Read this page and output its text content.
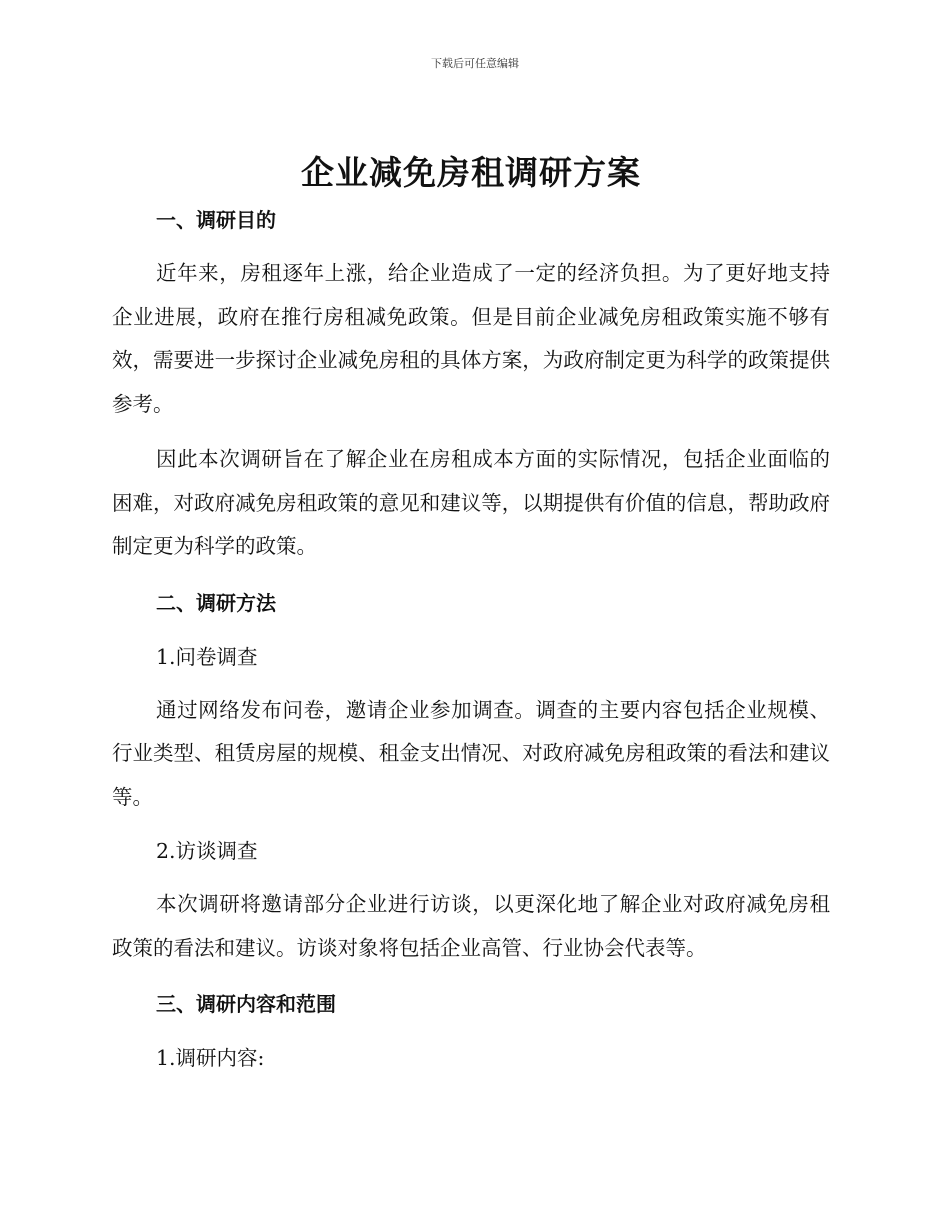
下载后可任意编辑
企业减免房租调研方案
一、调研目的

近年来，房租逐年上涨，给企业造成了一定的经济负担。为了更好地支持企业进展，政府在推行房租减免政策。但是目前企业减免房租政策实施不够有效，需要进一步探讨企业减免房租的具体方案，为政府制定更为科学的政策提供参考。

因此本次调研旨在了解企业在房租成本方面的实际情况，包括企业面临的困难，对政府减免房租政策的意见和建议等，以期提供有价值的信息，帮助政府制定更为科学的政策。

二、调研方法

1.问卷调查

通过网络发布问卷，邀请企业参加调查。调查的主要内容包括企业规模、行业类型、租赁房屋的规模、租金支出情况、对政府减免房租政策的看法和建议等。

2.访谈调查

本次调研将邀请部分企业进行访谈，以更深化地了解企业对政府减免房租政策的看法和建议。访谈对象将包括企业高管、行业协会代表等。

三、调研内容和范围

1.调研内容:
